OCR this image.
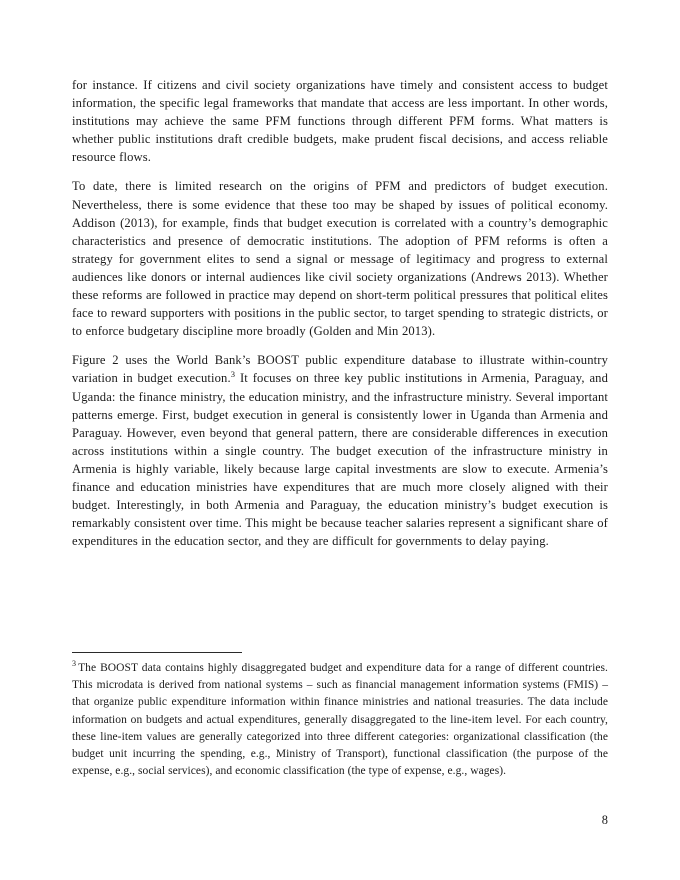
for instance. If citizens and civil society organizations have timely and consistent access to budget information, the specific legal frameworks that mandate that access are less important. In other words, institutions may achieve the same PFM functions through different PFM forms. What matters is whether public institutions draft credible budgets, make prudent fiscal decisions, and access reliable resource flows.

To date, there is limited research on the origins of PFM and predictors of budget execution. Nevertheless, there is some evidence that these too may be shaped by issues of political economy. Addison (2013), for example, finds that budget execution is correlated with a country’s demographic characteristics and presence of democratic institutions. The adoption of PFM reforms is often a strategy for government elites to send a signal or message of legitimacy and progress to external audiences like donors or internal audiences like civil society organizations (Andrews 2013). Whether these reforms are followed in practice may depend on short-term political pressures that political elites face to reward supporters with positions in the public sector, to target spending to strategic districts, or to enforce budgetary discipline more broadly (Golden and Min 2013).

Figure 2 uses the World Bank’s BOOST public expenditure database to illustrate within-country variation in budget execution.$^3$ It focuses on three key public institutions in Armenia, Paraguay, and Uganda: the finance ministry, the education ministry, and the infrastructure ministry. Several important patterns emerge. First, budget execution in general is consistently lower in Uganda than Armenia and Paraguay. However, even beyond that general pattern, there are considerable differences in execution across institutions within a single country. The budget execution of the infrastructure ministry in Armenia is highly variable, likely because large capital investments are slow to execute. Armenia’s finance and education ministries have expenditures that are much more closely aligned with their budget. Interestingly, in both Armenia and Paraguay, the education ministry’s budget execution is remarkably consistent over time. This might be because teacher salaries represent a significant share of expenditures in the education sector, and they are difficult for governments to delay paying.

$^3$ The BOOST data contains highly disaggregated budget and expenditure data for a range of different countries. This microdata is derived from national systems – such as financial management information systems (FMIS) – that organize public expenditure information within finance ministries and national treasuries. The data include information on budgets and actual expenditures, generally disaggregated to the line-item level. For each country, these line-item values are generally categorized into three different categories: organizational classification (the budget unit incurring the spending, e.g., Ministry of Transport), functional classification (the purpose of the expense, e.g., social services), and economic classification (the type of expense, e.g., wages).

8
